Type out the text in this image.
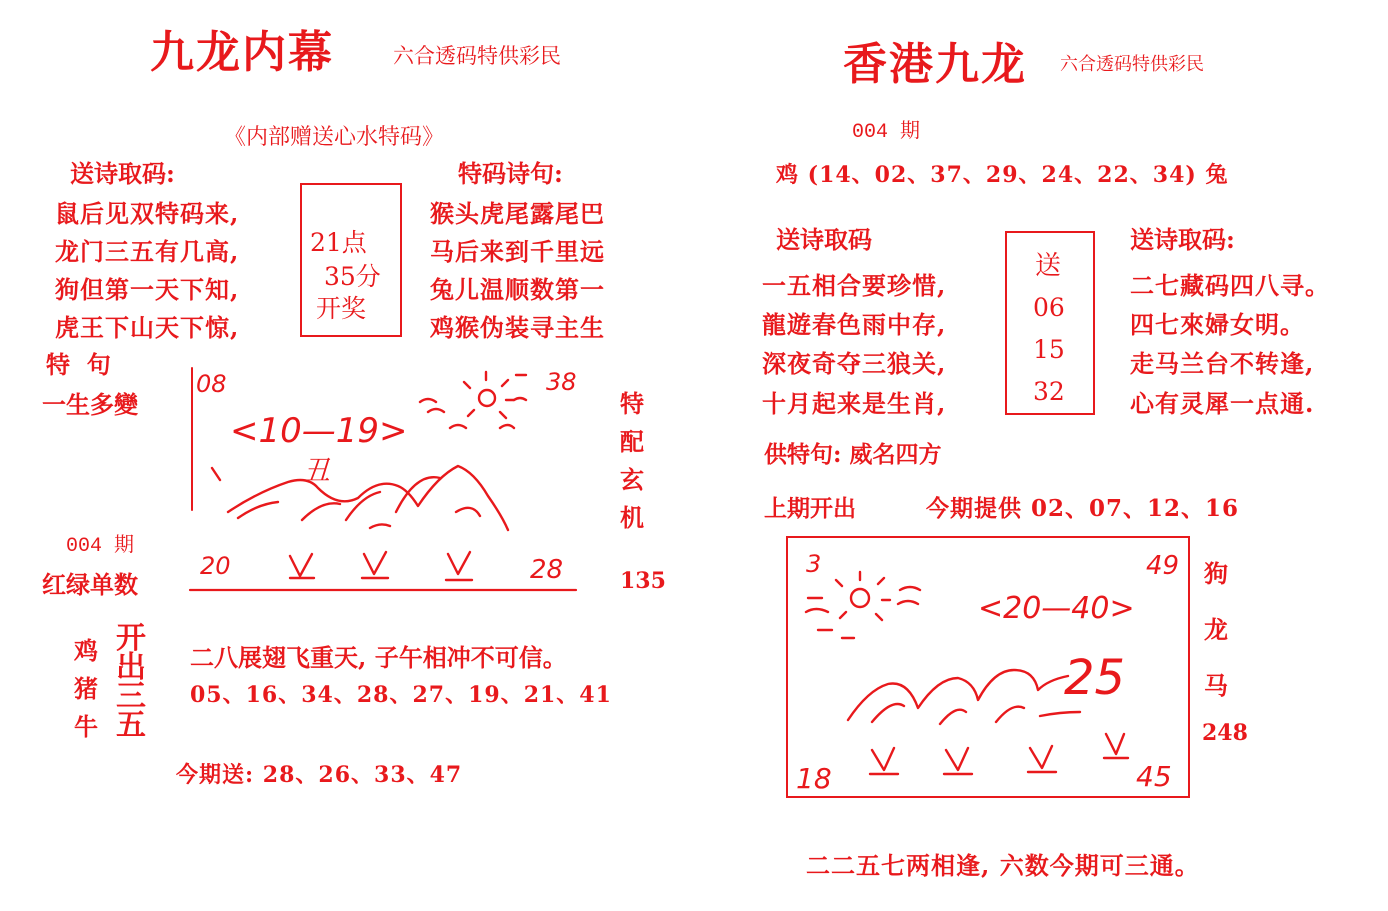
九龙内幕	六合透码特供彩民
《内部赠送心水特码》
送诗取码:
鼠后见双特码来,
龙门三五有几高,
狗但第一天下知,
虎王下山天下惊,
21点
35分
开奖
特码诗句:
猴头虎尾露尾巴
马后来到千里远
兔儿温顺数第一
鸡猴伪装寻主生
特  句
一生多變
004 期
红绿单数
特
配
玄
机
135
08	38
<10—19>
丑
20	28
鸡
猪
牛
开
出
三
五
二八展翅飞重天, 子午相冲不可信。
05、16、34、28、27、19、21、41
今期送: 28、26、33、47
香港九龙 六合透码特供彩民
004 期
鸡 (14、02、37、29、24、22、34) 兔
送诗取码
一五相合要珍惜,
龍遊春色雨中存,
深夜奇夺三狼关,
十月起来是生肖,
送
06
15
32
送诗取码:
二七藏码四八寻。
四七來婦女明。
走马兰台不转逢,
心有灵犀一点通.
供特句: 威名四方
上期开出	今期提供 02、07、12、16
3	49
<20—40>
25
18	45
狗
龙
马
248
二二五七两相逢, 六数今期可三通。
